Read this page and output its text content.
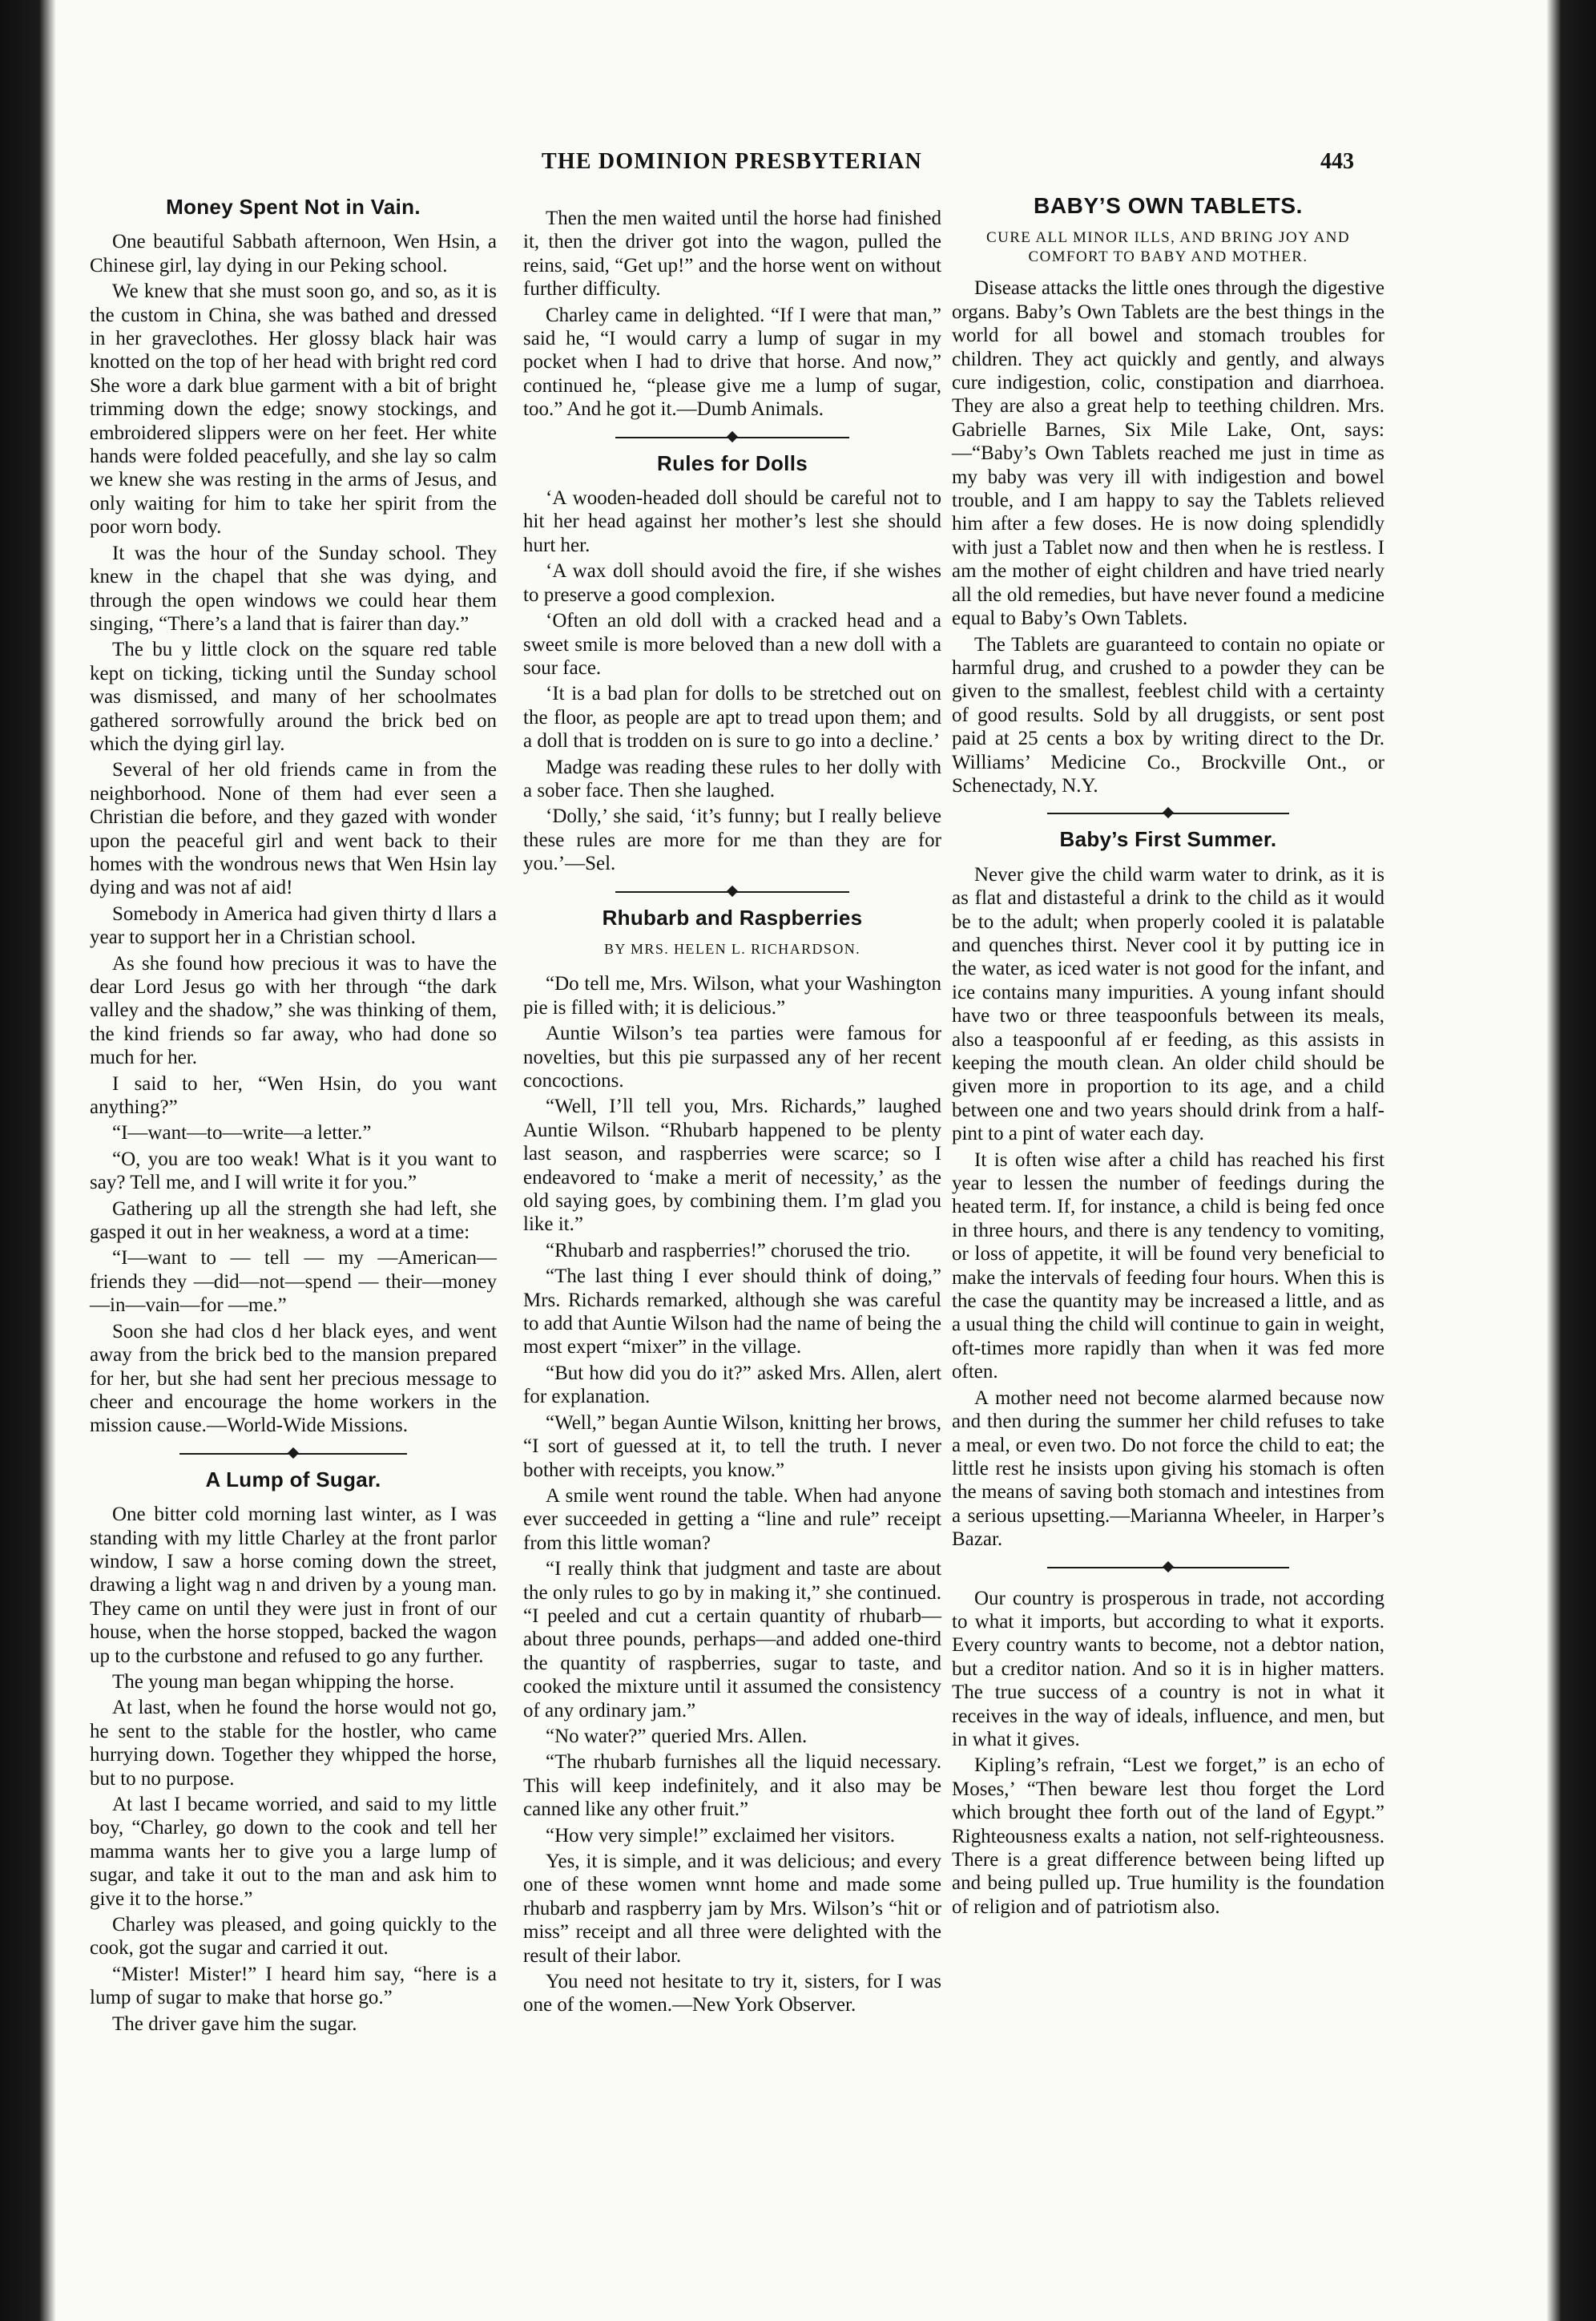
THE DOMINION PRESBYTERIAN	443
Money Spent Not in Vain.

One beautiful Sabbath afternoon, Wen Hsin, a Chinese girl, lay dying in our Peking school.

We knew that she must soon go, and so, as it is the custom in China, she was bathed and dressed in her graveclothes. Her glossy black hair was knotted on the top of her head with bright red cord She wore a dark blue garment with a bit of bright trimming down the edge; snowy stockings, and embroidered slippers were on her feet. Her white hands were folded peacefully, and she lay so calm we knew she was resting in the arms of Jesus, and only waiting for him to take her spirit from the poor worn body.

It was the hour of the Sunday school. They knew in the chapel that she was dying, and through the open windows we could hear them singing, “There’s a land that is fairer than day.”

The bu y little clock on the square red table kept on ticking, ticking until the Sunday school was dismissed, and many of her schoolmates gathered sorrowfully around the brick bed on which the dying girl lay.

Several of her old friends came in from the neighborhood. None of them had ever seen a Christian die before, and they gazed with wonder upon the peaceful girl and went back to their homes with the wondrous news that Wen Hsin lay dying and was not af aid!

Somebody in America had given thirty d llars a year to support her in a Christian school.

As she found how precious it was to have the dear Lord Jesus go with her through “the dark valley and the shadow,” she was thinking of them, the kind friends so far away, who had done so much for her.

I said to her, “Wen Hsin, do you want anything?”

“I—want—to—write—a letter.”

“O, you are too weak! What is it you want to say? Tell me, and I will write it for you.”

Gathering up all the strength she had left, she gasped it out in her weakness, a word at a time:

“I—want to — tell — my —American—friends they —did—not—spend — their—money—in—vain—for —me.”

Soon she had clos d her black eyes, and went away from the brick bed to the mansion prepared for her, but she had sent her precious message to cheer and encourage the home workers in the mission cause.—World-Wide Missions.

A Lump of Sugar.

One bitter cold morning last winter, as I was standing with my little Charley at the front parlor window, I saw a horse coming down the street, drawing a light wag n and driven by a young man. They came on until they were just in front of our house, when the horse stopped, backed the wagon up to the curbstone and refused to go any further.

The young man began whipping the horse.

At last, when he found the horse would not go, he sent to the stable for the hostler, who came hurrying down. Together they whipped the horse, but to no purpose.

At last I became worried, and said to my little boy, “Charley, go down to the cook and tell her mamma wants her to give you a large lump of sugar, and take it out to the man and ask him to give it to the horse.”

Charley was pleased, and going quickly to the cook, got the sugar and carried it out.

“Mister! Mister!” I heard him say, “here is a lump of sugar to make that horse go.”

The driver gave him the sugar.

Then the men waited until the horse had finished it, then the driver got into the wagon, pulled the reins, said, “Get up!” and the horse went on without further difficulty.

Charley came in delighted. “If I were that man,” said he, “I would carry a lump of sugar in my pocket when I had to drive that horse. And now,” continued he, “please give me a lump of sugar, too.” And he got it.—Dumb Animals.

Rules for Dolls

‘A wooden-headed doll should be careful not to hit her head against her mother’s lest she should hurt her.

‘A wax doll should avoid the fire, if she wishes to preserve a good complexion.

‘Often an old doll with a cracked head and a sweet smile is more beloved than a new doll with a sour face.

‘It is a bad plan for dolls to be stretched out on the floor, as people are apt to tread upon them; and a doll that is trodden on is sure to go into a decline.’

Madge was reading these rules to her dolly with a sober face. Then she laughed.

‘Dolly,’ she said, ‘it’s funny; but I really believe these rules are more for me than they are for you.’—Sel.

Rhubarb and Raspberries
BY MRS. HELEN L. RICHARDSON.

“Do tell me, Mrs. Wilson, what your Washington pie is filled with; it is delicious.”

Auntie Wilson’s tea parties were famous for novelties, but this pie surpassed any of her recent concoctions.

“Well, I’ll tell you, Mrs. Richards,” laughed Auntie Wilson. “Rhubarb happened to be plenty last season, and raspberries were scarce; so I endeavored to ‘make a merit of necessity,’ as the old saying goes, by combining them. I’m glad you like it.”

“Rhubarb and raspberries!” chorused the trio.

“The last thing I ever should think of doing,” Mrs. Richards remarked, although she was careful to add that Auntie Wilson had the name of being the most expert “mixer” in the village.

“But how did you do it?” asked Mrs. Allen, alert for explanation.

“Well,” began Auntie Wilson, knitting her brows, “I sort of guessed at it, to tell the truth. I never bother with receipts, you know.”

A smile went round the table. When had anyone ever succeeded in getting a “line and rule” receipt from this little woman?

“I really think that judgment and taste are about the only rules to go by in making it,” she continued. “I peeled and cut a certain quantity of rhubarb—about three pounds, perhaps—and added one-third the quantity of raspberries, sugar to taste, and cooked the mixture until it assumed the consistency of any ordinary jam.”

“No water?” queried Mrs. Allen.

“The rhubarb furnishes all the liquid necessary. This will keep indefinitely, and it also may be canned like any other fruit.”

“How very simple!” exclaimed her visitors.

Yes, it is simple, and it was delicious; and every one of these women wnnt home and made some rhubarb and raspberry jam by Mrs. Wilson’s “hit or miss” receipt and all three were delighted with the result of their labor.

You need not hesitate to try it, sisters, for I was one of the women.—New York Observer.

BABY’S OWN TABLETS.
CURE ALL MINOR ILLS, AND BRING JOY AND COMFORT TO BABY AND MOTHER.

Disease attacks the little ones through the digestive organs. Baby’s Own Tablets are the best things in the world for all bowel and stomach troubles for children. They act quickly and gently, and always cure indigestion, colic, constipation and diarrhoea. They are also a great help to teething children. Mrs. Gabrielle Barnes, Six Mile Lake, Ont, says:—“Baby’s Own Tablets reached me just in time as my baby was very ill with indigestion and bowel trouble, and I am happy to say the Tablets relieved him after a few doses. He is now doing splendidly with just a Tablet now and then when he is restless. I am the mother of eight children and have tried nearly all the old remedies, but have never found a medicine equal to Baby’s Own Tablets.

The Tablets are guaranteed to contain no opiate or harmful drug, and crushed to a powder they can be given to the smallest, feeblest child with a certainty of good results. Sold by all druggists, or sent post paid at 25 cents a box by writing direct to the Dr. Williams’ Medicine Co., Brockville Ont., or Schenectady, N.Y.

Baby’s First Summer.

Never give the child warm water to drink, as it is as flat and distasteful a drink to the child as it would be to the adult; when properly cooled it is palatable and quenches thirst. Never cool it by putting ice in the water, as iced water is not good for the infant, and ice contains many impurities. A young infant should have two or three teaspoonfuls between its meals, also a teaspoonful af er feeding, as this assists in keeping the mouth clean. An older child should be given more in proportion to its age, and a child between one and two years should drink from a half-pint to a pint of water each day.

It is often wise after a child has reached his first year to lessen the number of feedings during the heated term. If, for instance, a child is being fed once in three hours, and there is any tendency to vomiting, or loss of appetite, it will be found very beneficial to make the intervals of feeding four hours. When this is the case the quantity may be increased a little, and as a usual thing the child will continue to gain in weight, oft-times more rapidly than when it was fed more often.

A mother need not become alarmed because now and then during the summer her child refuses to take a meal, or even two. Do not force the child to eat; the little rest he insists upon giving his stomach is often the means of saving both stomach and intestines from a serious upsetting.—Marianna Wheeler, in Harper’s Bazar.

Our country is prosperous in trade, not according to what it imports, but according to what it exports. Every country wants to become, not a debtor nation, but a creditor nation. And so it is in higher matters. The true success of a country is not in what it receives in the way of ideals, influence, and men, but in what it gives.

Kipling’s refrain, “Lest we forget,” is an echo of Moses,’ “Then beware lest thou forget the Lord which brought thee forth out of the land of Egypt.” Righteousness exalts a nation, not self-righteousness. There is a great difference between being lifted up and being pulled up. True humility is the foundation of religion and of patriotism also.
